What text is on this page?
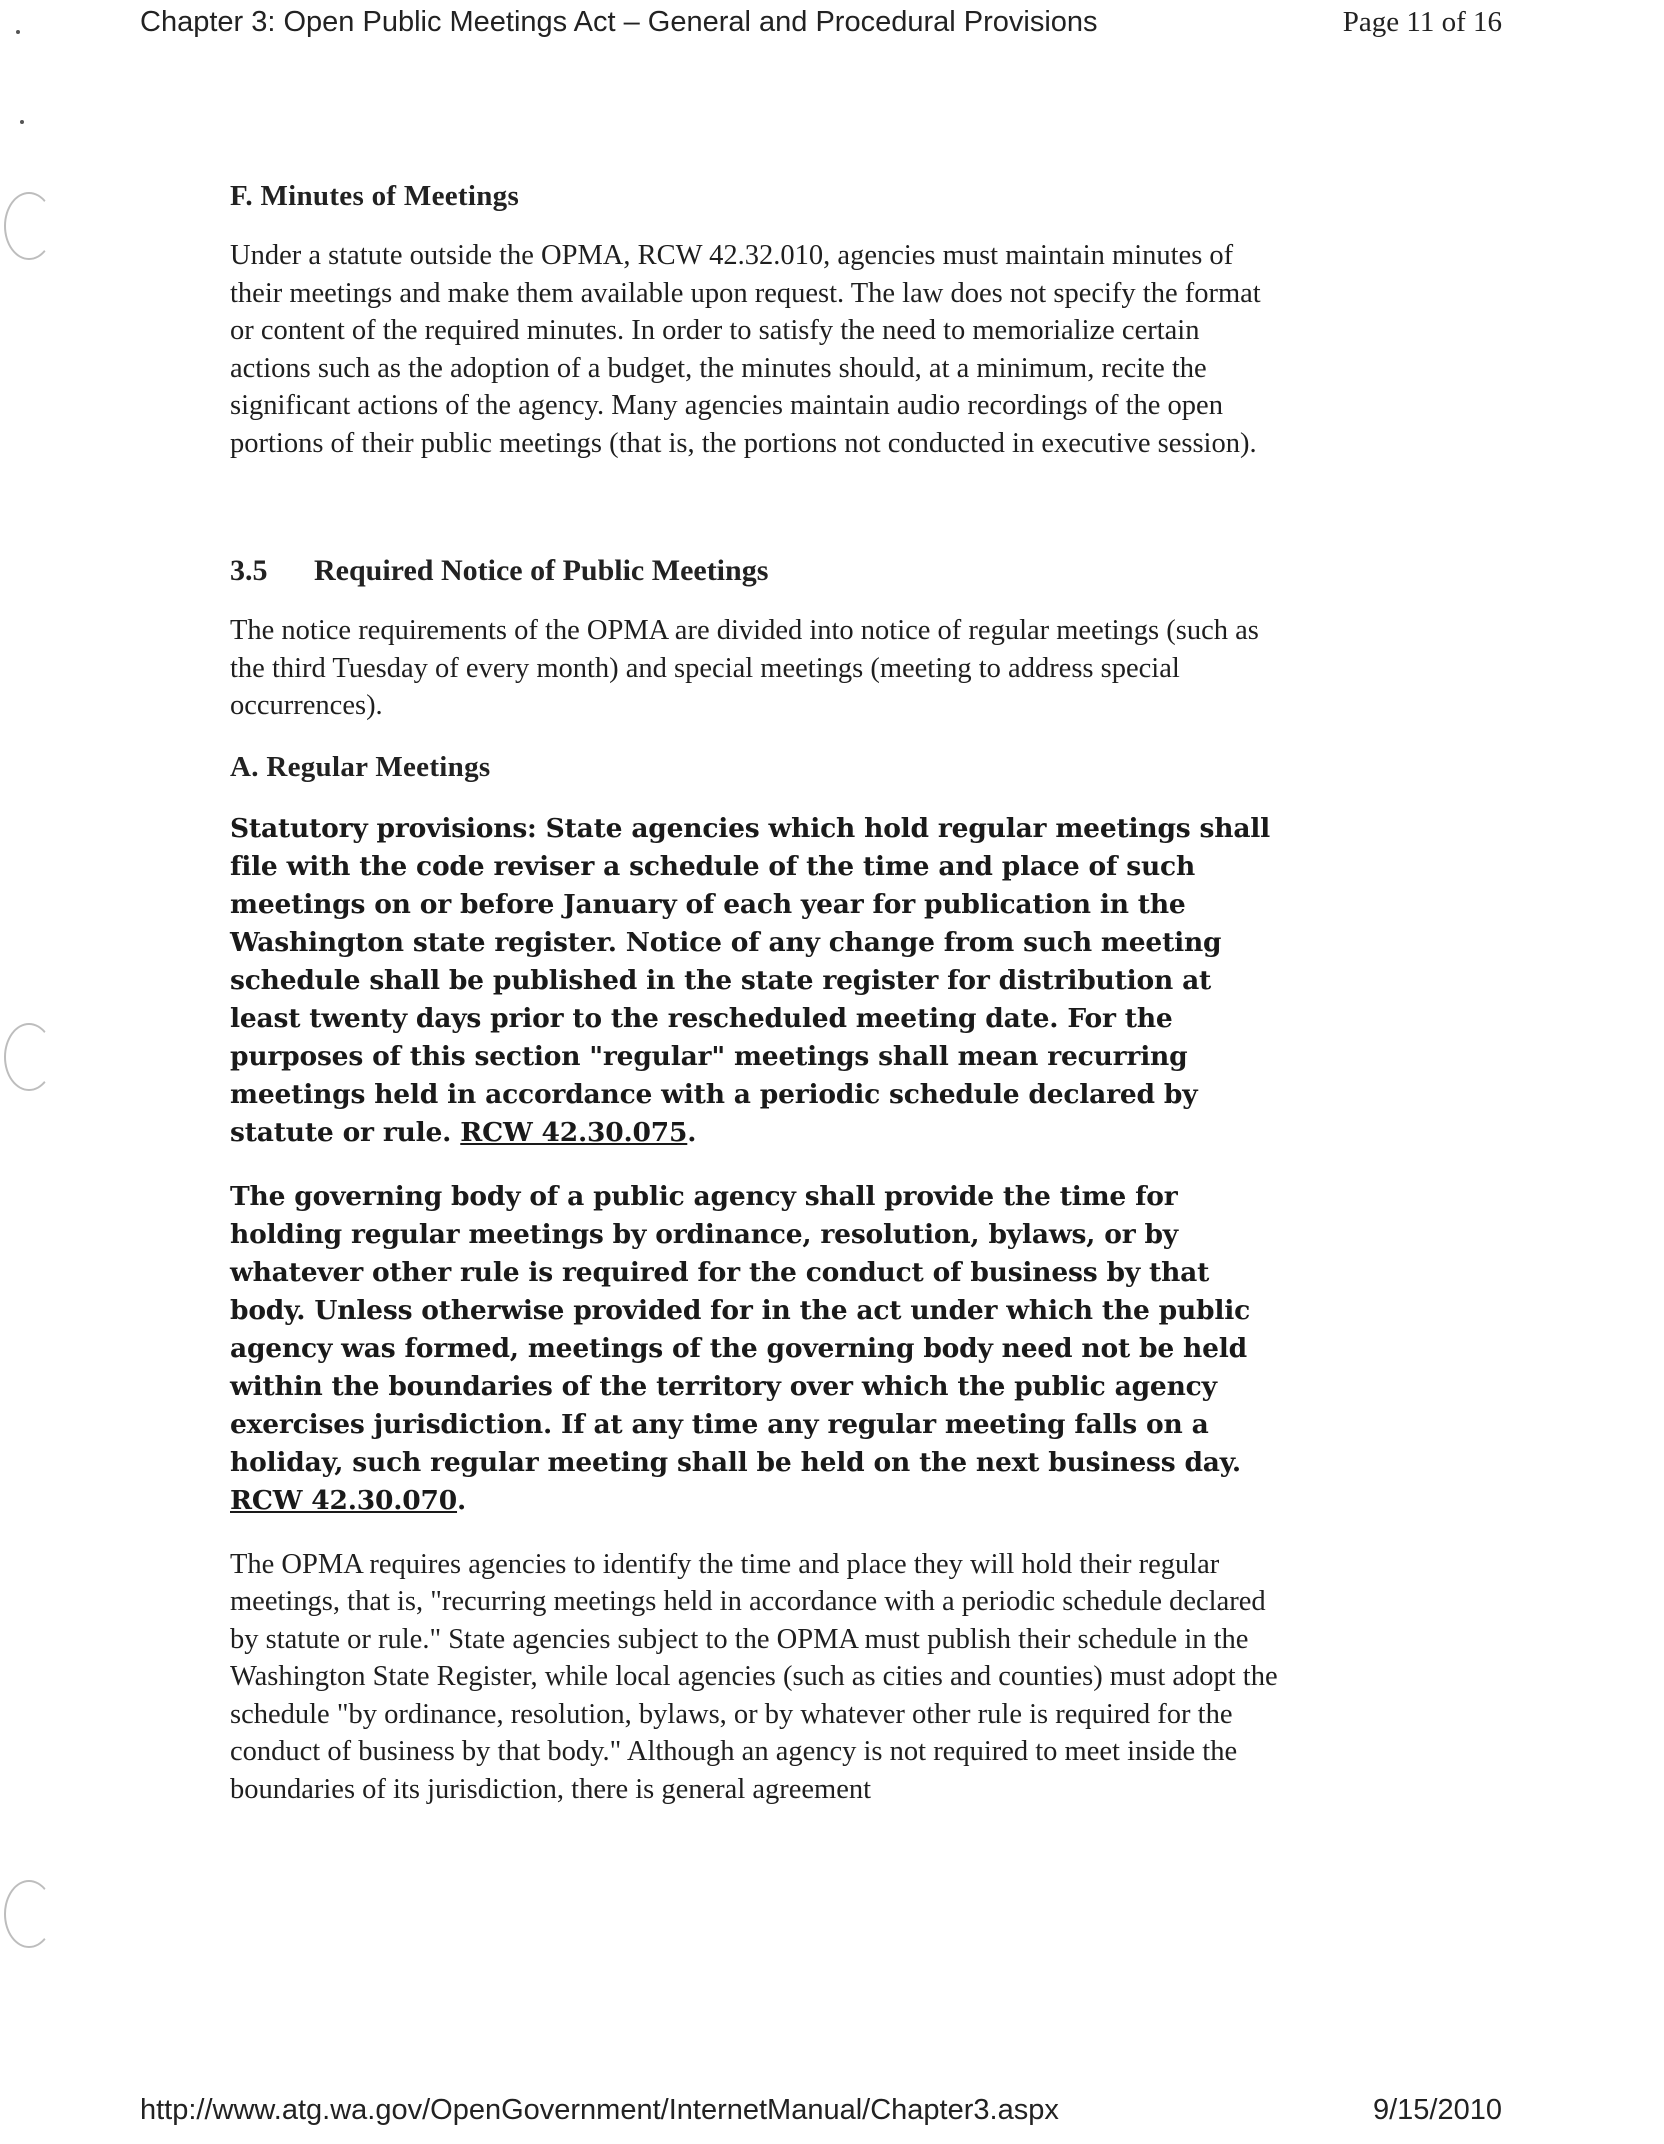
Chapter 3: Open Public Meetings Act – General and Procedural Provisions	Page 11 of 16
F. Minutes of Meetings

Under a statute outside the OPMA, RCW 42.32.010, agencies must maintain minutes of their meetings and make them available upon request. The law does not specify the format or content of the required minutes. In order to satisfy the need to memorialize certain actions such as the adoption of a budget, the minutes should, at a minimum, recite the significant actions of the agency. Many agencies maintain audio recordings of the open portions of their public meetings (that is, the portions not conducted in executive session).

3.5 Required Notice of Public Meetings

The notice requirements of the OPMA are divided into notice of regular meetings (such as the third Tuesday of every month) and special meetings (meeting to address special occurrences).

A. Regular Meetings

Statutory provisions: State agencies which hold regular meetings shall file with the code reviser a schedule of the time and place of such meetings on or before January of each year for publication in the Washington state register. Notice of any change from such meeting schedule shall be published in the state register for distribution at least twenty days prior to the rescheduled meeting date. For the purposes of this section "regular" meetings shall mean recurring meetings held in accordance with a periodic schedule declared by statute or rule. RCW 42.30.075.

The governing body of a public agency shall provide the time for holding regular meetings by ordinance, resolution, bylaws, or by whatever other rule is required for the conduct of business by that body. Unless otherwise provided for in the act under which the public agency was formed, meetings of the governing body need not be held within the boundaries of the territory over which the public agency exercises jurisdiction. If at any time any regular meeting falls on a holiday, such regular meeting shall be held on the next business day. RCW 42.30.070.

The OPMA requires agencies to identify the time and place they will hold their regular meetings, that is, "recurring meetings held in accordance with a periodic schedule declared by statute or rule." State agencies subject to the OPMA must publish their schedule in the Washington State Register, while local agencies (such as cities and counties) must adopt the schedule "by ordinance, resolution, bylaws, or by whatever other rule is required for the conduct of business by that body." Although an agency is not required to meet inside the boundaries of its jurisdiction, there is general agreement

http://www.atg.wa.gov/OpenGovernment/InternetManual/Chapter3.aspx	9/15/2010
